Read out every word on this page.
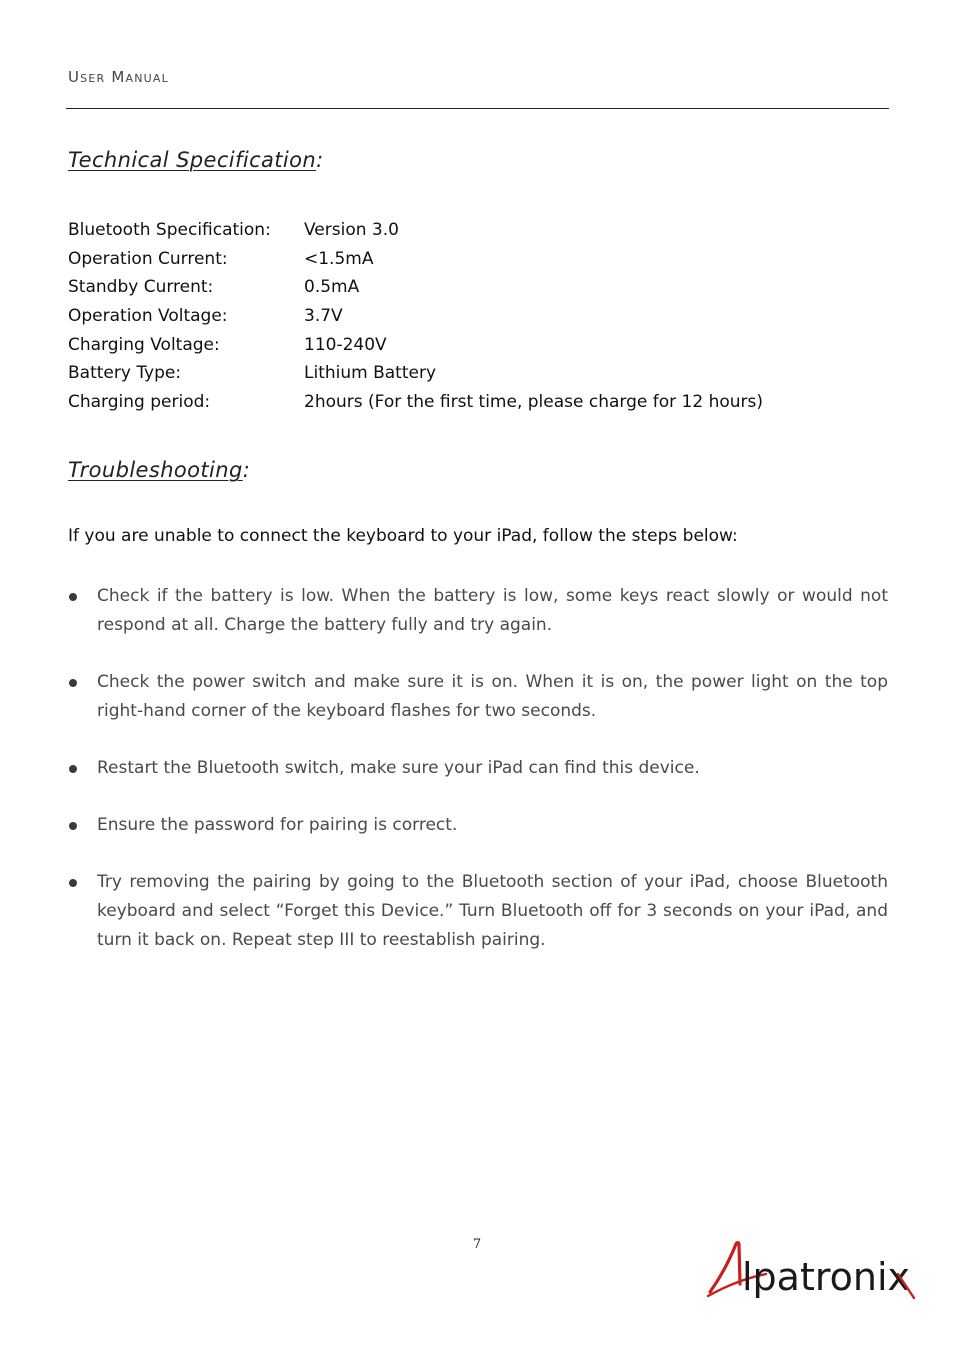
User Manual
Technical Specification:
Bluetooth Specification:	Version 3.0
Operation Current:	<1.5mA
Standby Current:	0.5mA
Operation Voltage:	3.7V
Charging Voltage:	110-240V
Battery Type:	Lithium Battery
Charging period:	2hours (For the first time, please charge for 12 hours)
Troubleshooting:
If you are unable to connect the keyboard to your iPad, follow the steps below:
Check if the battery is low. When the battery is low, some keys react slowly or would not respond at all. Charge the battery fully and try again.
Check the power switch and make sure it is on. When it is on, the power light on the top right-hand corner of the keyboard flashes for two seconds.
Restart the Bluetooth switch, make sure your iPad can find this device.
Ensure the password for pairing is correct.
Try removing the pairing by going to the Bluetooth section of your iPad, choose Bluetooth keyboard and select “Forget this Device.” Turn Bluetooth off for 3 seconds on your iPad, and turn it back on. Repeat step III to reestablish pairing.
7
lpatronix
